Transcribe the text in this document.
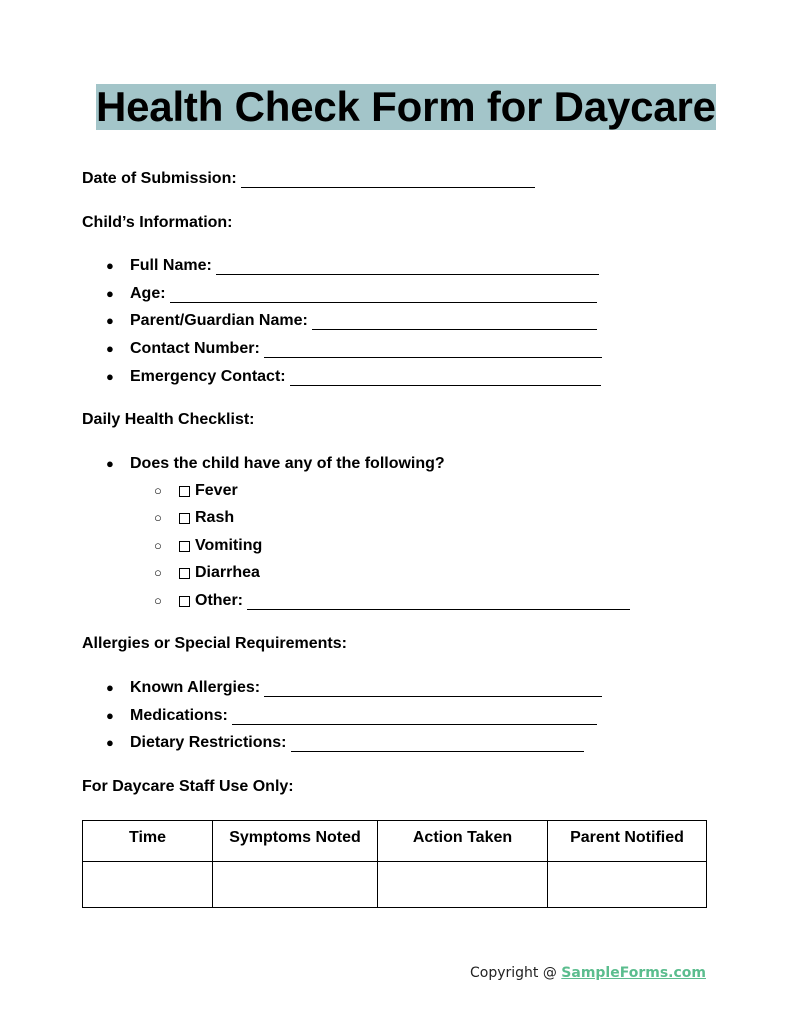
Health Check Form for Daycare
Date of Submission:
Child’s Information:
● Full Name:
● Age:
● Parent/Guardian Name:
● Contact Number:
● Emergency Contact:
Daily Health Checklist:
● Does the child have any of the following?
○ Fever
○ Rash
○ Vomiting
○ Diarrhea
○ Other:
Allergies or Special Requirements:
● Known Allergies:
● Medications:
● Dietary Restrictions:
For Daycare Staff Use Only:
Time	Symptoms Noted	Action Taken	Parent Notified

Copyright @ SampleForms.com
